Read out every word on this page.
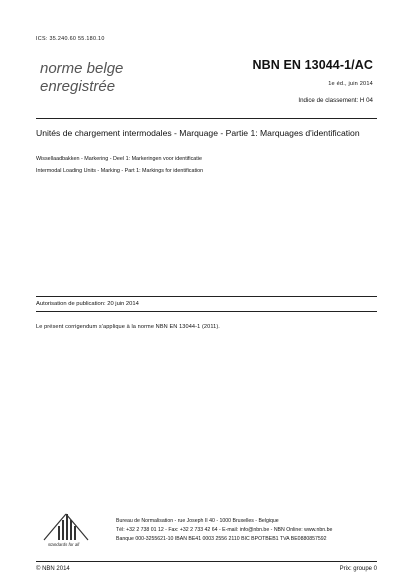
ICS: 35.240.60 55.180.10
norme belge
enregistrée
NBN EN 13044-1/AC
1e éd., juin 2014
Indice de classement: H 04
Unités de chargement intermodales - Marquage - Partie 1: Marquages d'identification
Wissellaadbakken - Markering - Deel 1: Markeringen voor identificatie
Intermodal Loading Units - Marking - Part 1: Markings for identification
Autorisation de publication: 20 juin 2014
Le présent corrigendum s'applique à la norme NBN EN 13044-1 (2011).
standards for all
Bureau de Normalisation - rue Joseph II 40 - 1000 Bruxelles - Belgique
Tél: +32 2 738 01 12 - Fax: +32 2 733 42 64 - E-mail: info@nbn.be - NBN Online: www.nbn.be
Banque 000-3255621-10 IBAN BE41 0003 2556 2110 BIC BPOTBEB1 TVA BE0880857592
© NBN 2014	Prix: groupe 0
